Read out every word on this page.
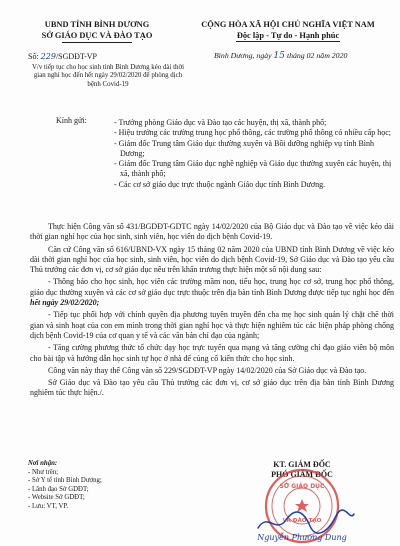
UBND TỈNH BÌNH DƯƠNG
SỞ GIÁO DỤC VÀ ĐÀO TẠO
CỘNG HÒA XÃ HỘI CHỦ NGHĨA VIỆT NAM
Độc lập - Tự do - Hạnh phúc
Số: 229/SGDĐT-VP	Bình Dương, ngày 15 tháng 02 năm 2020
V/v tiếp tục cho học sinh tỉnh Bình Dương kéo dài thời gian nghỉ học đến hết ngày 29/02/2020 để phòng dịch bệnh Covid-19
Kính gửi:	- Trưởng phòng Giáo dục và Đào tạo các huyện, thị xã, thành phố;
- Hiệu trưởng các trường trung học phổ thông, các trường phổ thông có nhiều cấp học;
- Giám đốc Trung tâm Giáo dục thường xuyên và Bồi dưỡng nghiệp vụ tỉnh Bình Dương;
- Giám đốc Trung tâm Giáo dục nghề nghiệp và Giáo dục thường xuyên các huyện, thị xã, thành phố;
- Các cơ sở giáo dục trực thuộc ngành Giáo dục tỉnh Bình Dương.

Thực hiện Công văn số 431/BGDĐT-GDTC ngày 14/02/2020 của Bộ Giáo dục và Đào tạo về việc kéo dài thời gian nghỉ học của học sinh, sinh viên, học viên do dịch bệnh Covid-19.

Căn cứ Công văn số 616/UBND-VX ngày 15 tháng 02 năm 2020 của UBND tỉnh Bình Dương về việc kéo dài thời gian nghỉ học của học sinh, sinh viên, học viên do dịch bệnh Covid-19, Sở Giáo dục và Đào tạo yêu cầu Thủ trưởng các đơn vị, cơ sở giáo dục nêu trên khẩn trương thực hiện một số nội dung sau:

- Thông báo cho học sinh, học viên các trường mầm non, tiểu học, trung học cơ sở, trung học phổ thông, giáo dục thường xuyên và các cơ sở giáo dục trực thuộc trên địa bàn tỉnh Bình Dương được tiếp tục nghỉ học đến hết ngày 29/02/2020;

- Tiếp tục phối hợp với chính quyền địa phương tuyên truyền đến cha mẹ học sinh quản lý chặt chẽ thời gian và sinh hoạt của con em mình trong thời gian nghỉ học và thực hiện nghiêm túc các biện pháp phòng chống dịch bệnh Covid-19 của cơ quan y tế và các văn bản chỉ đạo của ngành;

- Tăng cường phương thức tổ chức dạy học trực tuyến qua mạng và tăng cường chỉ đạo giáo viên bộ môn cho bài tập và hướng dẫn học sinh tự học ở nhà để củng cố kiến thức cho học sinh.

Công văn này thay thế Công văn số 229/SGDĐT-VP ngày 14/02/2020 của Sở Giáo dục và Đào tạo.

Sở Giáo dục và Đào tạo yêu cầu Thủ trưởng các đơn vị, cơ sở giáo dục trên địa bàn tỉnh Bình Dương nghiêm túc thực hiện./.

Nơi nhận:
- Như trên;
- Sở Y tế tỉnh Bình Dương;
- Lãnh đạo Sở GDĐT;
- Website Sở GDĐT;
- Lưu: VT, VP.
KT. GIÁM ĐỐC
PHÓ GIÁM ĐỐC
SỞ GIÁO DỤC
VÀ ĐÀO TẠO
Nguyễn Phương Dung
